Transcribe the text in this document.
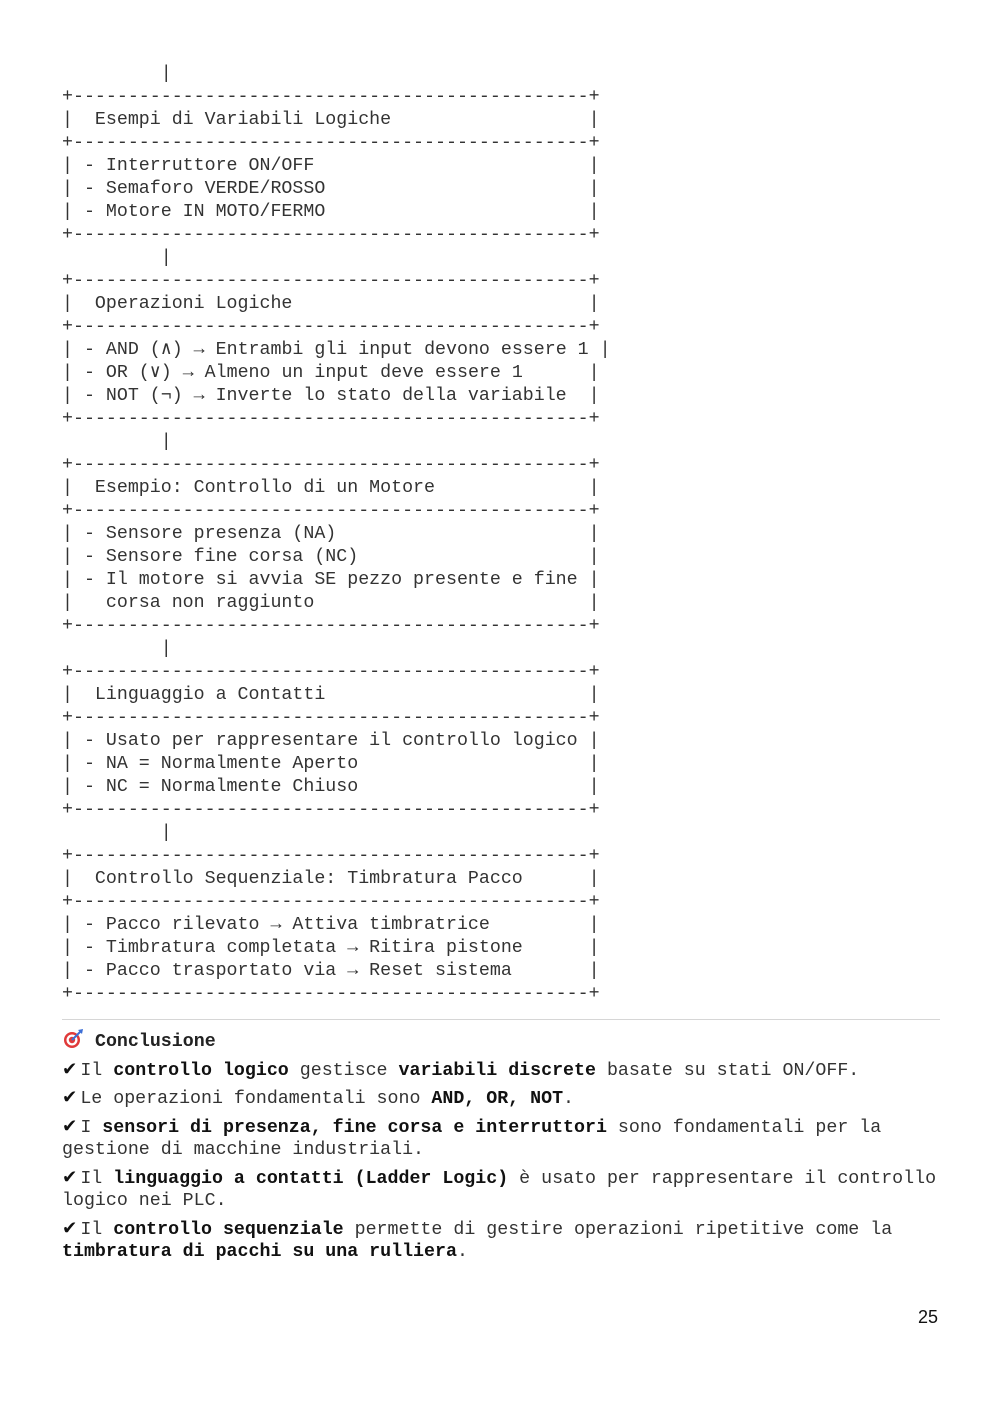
|
+-----------------------------------------------+
|  Esempi di Variabili Logiche                  |
+-----------------------------------------------+
| - Interruttore ON/OFF                         |
| - Semaforo VERDE/ROSSO                        |
| - Motore IN MOTO/FERMO                        |
+-----------------------------------------------+
|
+-----------------------------------------------+
|  Operazioni Logiche                           |
+-----------------------------------------------+
| - AND (∧) → Entrambi gli input devono essere 1 |
| - OR (∨) → Almeno un input deve essere 1      |
| - NOT (¬) → Inverte lo stato della variabile  |
+-----------------------------------------------+
|
+-----------------------------------------------+
|  Esempio: Controllo di un Motore              |
+-----------------------------------------------+
| - Sensore presenza (NA)                       |
| - Sensore fine corsa (NC)                     |
| - Il motore si avvia SE pezzo presente e fine |
|   corsa non raggiunto                         |
+-----------------------------------------------+
|
+-----------------------------------------------+
|  Linguaggio a Contatti                        |
+-----------------------------------------------+
| - Usato per rappresentare il controllo logico |
| - NA = Normalmente Aperto                     |
| - NC = Normalmente Chiuso                     |
+-----------------------------------------------+
|
+-----------------------------------------------+
|  Controllo Sequenziale: Timbratura Pacco      |
+-----------------------------------------------+
| - Pacco rilevato → Attiva timbratrice         |
| - Timbratura completata → Ritira pistone      |
| - Pacco trasportato via → Reset sistema       |
+-----------------------------------------------+
Conclusione
✔ Il controllo logico gestisce variabili discrete basate su stati ON/OFF.
✔ Le operazioni fondamentali sono AND, OR, NOT.
✔ I sensori di presenza, fine corsa e interruttori sono fondamentali per la gestione di macchine industriali.
✔ Il linguaggio a contatti (Ladder Logic) è usato per rappresentare il controllo logico nei PLC.
✔ Il controllo sequenziale permette di gestire operazioni ripetitive come la timbratura di pacchi su una rulliera.
25
